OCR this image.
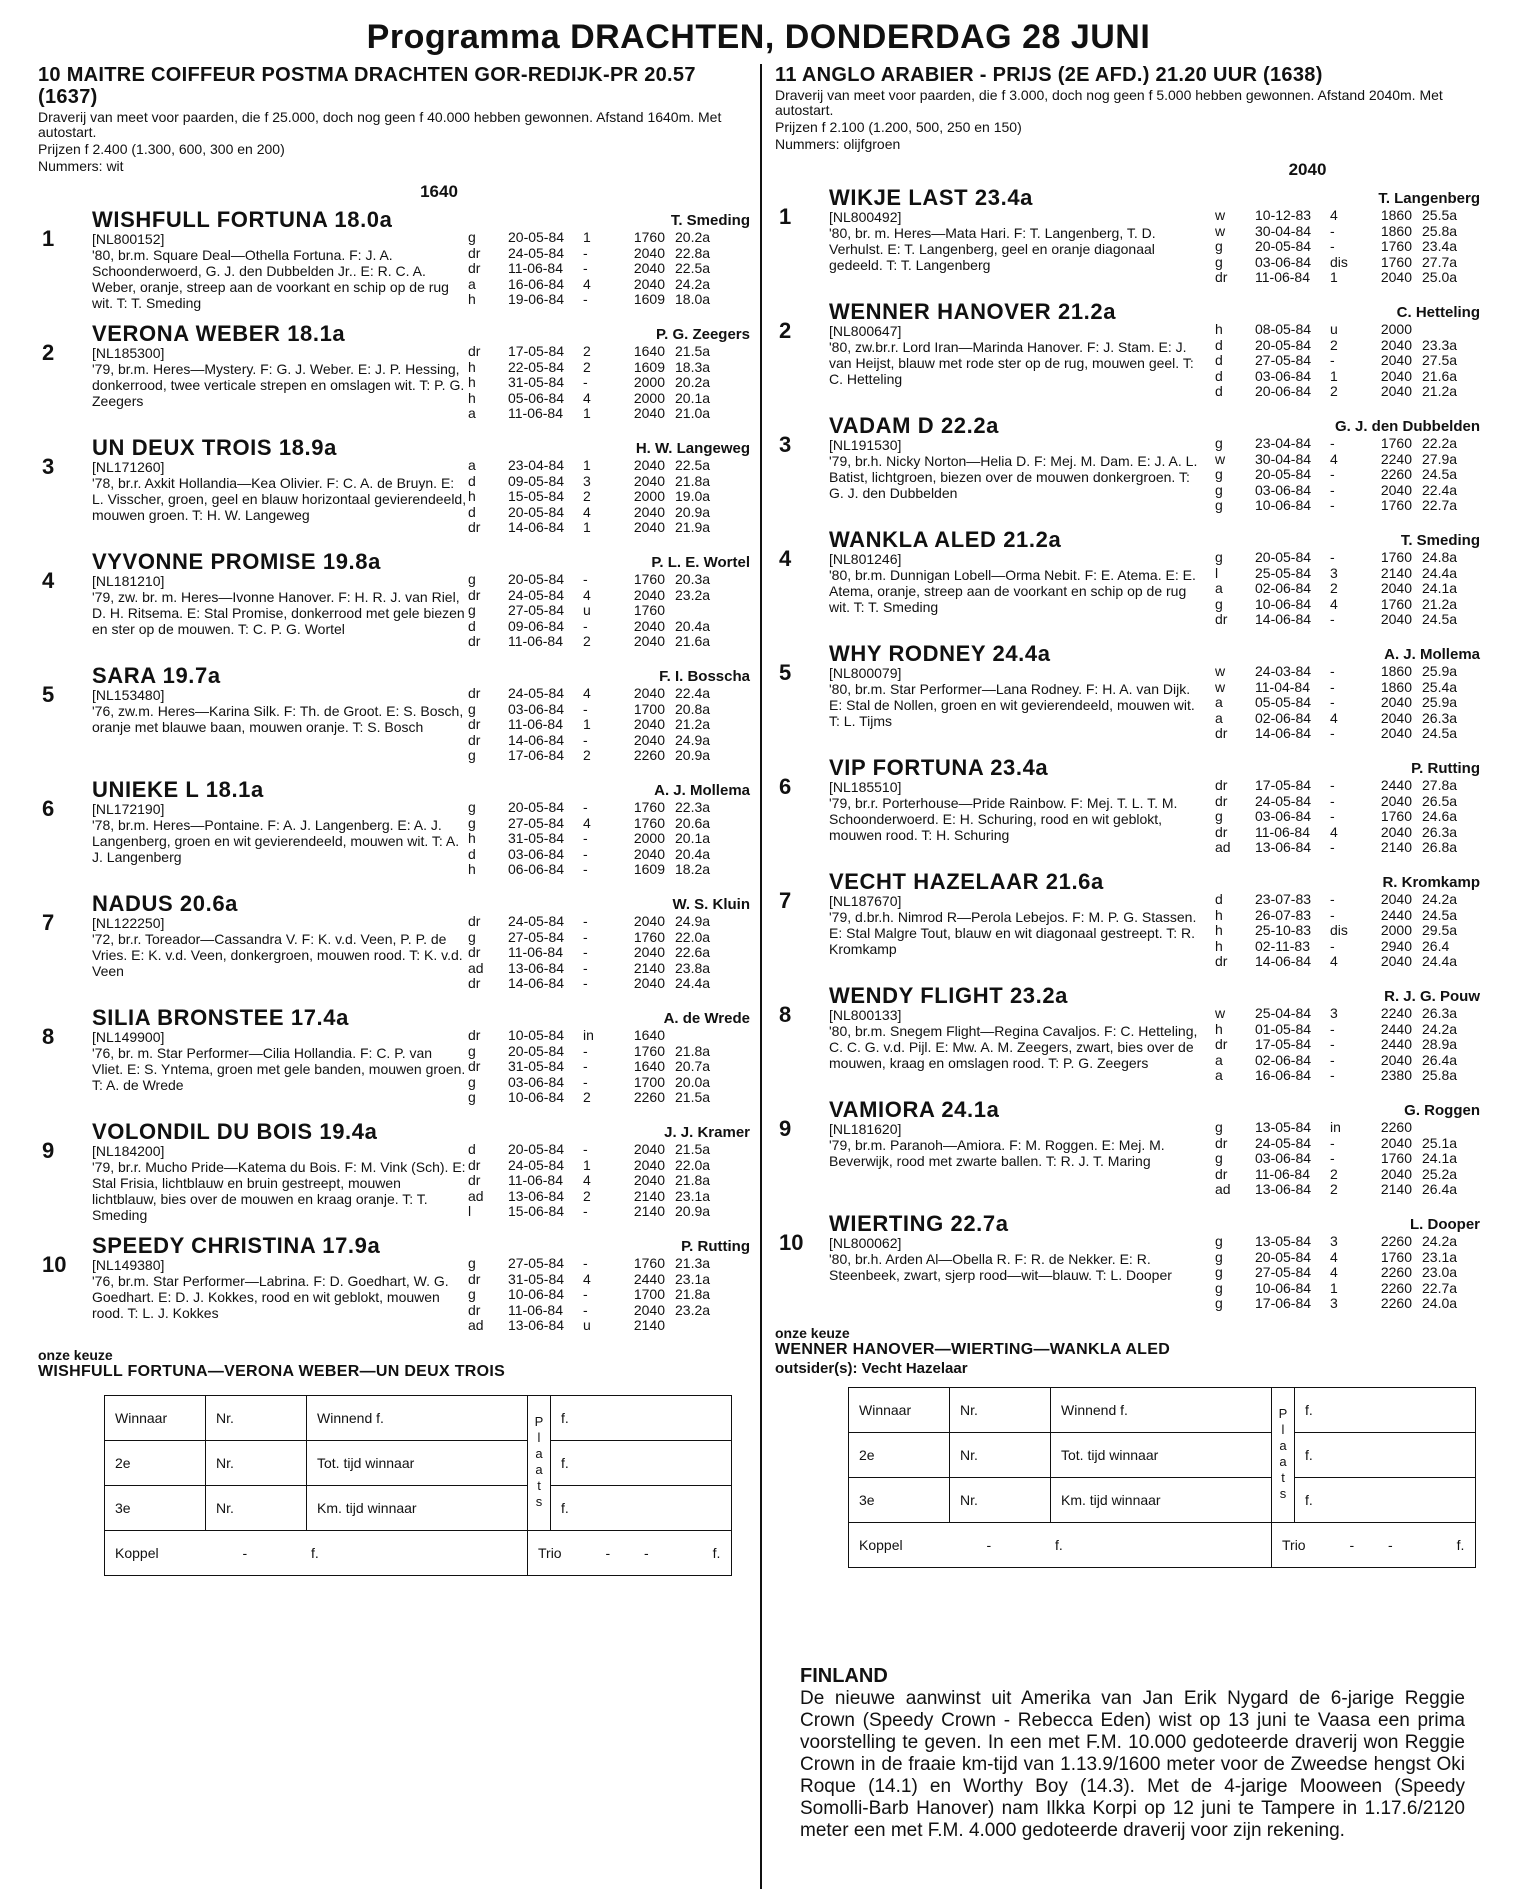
Programma DRACHTEN, DONDERDAG 28 JUNI
10 MAITRE COIFFEUR POSTMA DRACHTEN GOR-REDIJK-PR 20.57 (1637)
Draverij van meet voor paarden, die f 25.000, doch nog geen f 40.000 hebben gewonnen. Afstand 1640m. Met autostart.
Prijzen f 2.400 (1.300, 600, 300 en 200)
Nummers: wit
1640
1
WISHFULL FORTUNA 18.0a
[NL800152]
'80, br.m. Square Deal—Othella Fortuna. F: J. A. Schoonderwoerd, G. J. den Dubbelden Jr.. E: R. C. A. Weber, oranje, streep aan de voorkant en schip op de rug wit. T: T. Smeding
T. Smeding
g	20-05-84	1	1760 20.2a
dr	24-05-84	-	2040 22.8a
dr	11-06-84	-	2040 22.5a
a	16-06-84	4	2040 24.2a
h	19-06-84	-	1609 18.0a
2
VERONA WEBER 18.1a
[NL185300]
'79, br.m. Heres—Mystery. F: G. J. Weber. E: J. P. Hessing, donkerrood, twee verticale strepen en omslagen wit. T: P. G. Zeegers
P. G. Zeegers
dr	17-05-84	2	1640 21.5a
h	22-05-84	2	1609 18.3a
h	31-05-84	-	2000 20.2a
h	05-06-84	4	2000 20.1a
a	11-06-84	1	2040 21.0a
3
UN DEUX TROIS 18.9a
[NL171260]
'78, br.r. Axkit Hollandia—Kea Olivier. F: C. A. de Bruyn. E: L. Visscher, groen, geel en blauw horizontaal gevierendeeld, mouwen groen. T: H. W. Langeweg
H. W. Langeweg
a	23-04-84	1	2040 22.5a
d	09-05-84	3	2040 21.8a
h	15-05-84	2	2000 19.0a
d	20-05-84	4	2040 20.9a
dr	14-06-84	1	2040 21.9a
4
VYVONNE PROMISE 19.8a
[NL181210]
'79, zw. br. m. Heres—Ivonne Hanover. F: H. R. J. van Riel, D. H. Ritsema. E: Stal Promise, donkerrood met gele biezen en ster op de mouwen. T: C. P. G. Wortel
P. L. E. Wortel
g	20-05-84	-	1760 20.3a
dr	24-05-84	4	2040 23.2a
g	27-05-84	u	1760
d	09-06-84	-	2040 20.4a
dr	11-06-84	2	2040 21.6a
5
SARA 19.7a
[NL153480]
'76, zw.m. Heres—Karina Silk. F: Th. de Groot. E: S. Bosch, oranje met blauwe baan, mouwen oranje. T: S. Bosch
F. I. Bosscha
dr	24-05-84	4	2040 22.4a
g	03-06-84	-	1700 20.8a
dr	11-06-84	1	2040 21.2a
dr	14-06-84	-	2040 24.9a
g	17-06-84	2	2260 20.9a
6
UNIEKE L 18.1a
[NL172190]
'78, br.m. Heres—Pontaine. F: A. J. Langenberg. E: A. J. Langenberg, groen en wit gevierendeeld, mouwen wit. T: A. J. Langenberg
A. J. Mollema
g	20-05-84	-	1760 22.3a
g	27-05-84	4	1760 20.6a
h	31-05-84	-	2000 20.1a
d	03-06-84	-	2040 20.4a
h	06-06-84	-	1609 18.2a
7
NADUS 20.6a
[NL122250]
'72, br.r. Toreador—Cassandra V. F: K. v.d. Veen, P. P. de Vries. E: K. v.d. Veen, donkergroen, mouwen rood. T: K. v.d. Veen
W. S. Kluin
dr	24-05-84	-	2040 24.9a
g	27-05-84	-	1760 22.0a
dr	11-06-84	-	2040 22.6a
ad	13-06-84	-	2140 23.8a
dr	14-06-84	-	2040 24.4a
8
SILIA BRONSTEE 17.4a
[NL149900]
'76, br. m. Star Performer—Cilia Hollandia. F: C. P. van Vliet. E: S. Yntema, groen met gele banden, mouwen groen. T: A. de Wrede
A. de Wrede
dr	10-05-84	in	1640
g	20-05-84	-	1760 21.8a
dr	31-05-84	-	1640 20.7a
g	03-06-84	-	1700 20.0a
g	10-06-84	2	2260 21.5a
9
VOLONDIL DU BOIS 19.4a
[NL184200]
'79, br.r. Mucho Pride—Katema du Bois. F: M. Vink (Sch). E: Stal Frisia, lichtblauw en bruin gestreept, mouwen lichtblauw, bies over de mouwen en kraag oranje. T: T. Smeding
J. J. Kramer
d	20-05-84	-	2040 21.5a
dr	24-05-84	1	2040 22.0a
dr	11-06-84	4	2040 21.8a
ad	13-06-84	2	2140 23.1a
l	15-06-84	-	2140 20.9a
10
SPEEDY CHRISTINA 17.9a
[NL149380]
'76, br.m. Star Performer—Labrina. F: D. Goedhart, W. G. Goedhart. E: D. J. Kokkes, rood en wit geblokt, mouwen rood. T: L. J. Kokkes
P. Rutting
g	27-05-84	-	1760 21.3a
dr	31-05-84	4	2440 23.1a
g	10-06-84	-	1700 21.8a
dr	11-06-84	-	2040 23.2a
ad	13-06-84	u	2140
onze keuze
WISHFULL FORTUNA—VERONA WEBER—UN DEUX TROIS
Winnaar	Nr.	Winnend f.	Plaats	f.
2e	Nr.	Tot. tijd winnaar		f.
3e	Nr.	Km. tijd winnaar		f.
Koppel - f.			Trio - - f.	
11 ANGLO ARABIER - PRIJS (2E AFD.) 21.20 UUR (1638)
Draverij van meet voor paarden, die f 3.000, doch nog geen f 5.000 hebben gewonnen. Afstand 2040m. Met autostart.
Prijzen f 2.100 (1.200, 500, 250 en 150)
Nummers: olijfgroen
2040
1
WIKJE LAST 23.4a
[NL800492]
'80, br. m. Heres—Mata Hari. F: T. Langenberg, T. D. Verhulst. E: T. Langenberg, geel en oranje diagonaal gedeeld. T: T. Langenberg
T. Langenberg
w	10-12-83	4	1860 25.5a
w	30-04-84	-	1860 25.8a
g	20-05-84	-	1760 23.4a
g	03-06-84	dis	1760 27.7a
dr	11-06-84	1	2040 25.0a
2
WENNER HANOVER 21.2a
[NL800647]
'80, zw.br.r. Lord Iran—Marinda Hanover. F: J. Stam. E: J. van Heijst, blauw met rode ster op de rug, mouwen geel. T: C. Hetteling
C. Hetteling
h	08-05-84	u	2000
d	20-05-84	2	2040 23.3a
d	27-05-84	-	2040 27.5a
d	03-06-84	1	2040 21.6a
d	20-06-84	2	2040 21.2a
3
VADAM D 22.2a
[NL191530]
'79, br.h. Nicky Norton—Helia D. F: Mej. M. Dam. E: J. A. L. Batist, lichtgroen, biezen over de mouwen donkergroen. T: G. J. den Dubbelden
G. J. den Dubbelden
g	23-04-84	-	1760 22.2a
w	30-04-84	4	2240 27.9a
g	20-05-84	-	2260 24.5a
g	03-06-84	-	2040 22.4a
g	10-06-84	-	1760 22.7a
4
WANKLA ALED 21.2a
[NL801246]
'80, br.m. Dunnigan Lobell—Orma Nebit. F: E. Atema. E: E. Atema, oranje, streep aan de voorkant en schip op de rug wit. T: T. Smeding
T. Smeding
g	20-05-84	-	1760 24.8a
l	25-05-84	3	2140 24.4a
a	02-06-84	2	2040 24.1a
g	10-06-84	4	1760 21.2a
dr	14-06-84	-	2040 24.5a
5
WHY RODNEY 24.4a
[NL800079]
'80, br.m. Star Performer—Lana Rodney. F: H. A. van Dijk. E: Stal de Nollen, groen en wit gevierendeeld, mouwen wit. T: L. Tijms
A. J. Mollema
w	24-03-84	-	1860 25.9a
w	11-04-84	-	1860 25.4a
a	05-05-84	-	2040 25.9a
a	02-06-84	4	2040 26.3a
dr	14-06-84	-	2040 24.5a
6
VIP FORTUNA 23.4a
[NL185510]
'79, br.r. Porterhouse—Pride Rainbow. F: Mej. T. L. T. M. Schoonderwoerd. E: H. Schuring, rood en wit geblokt, mouwen rood. T: H. Schuring
P. Rutting
dr	17-05-84	-	2440 27.8a
dr	24-05-84	-	2040 26.5a
g	03-06-84	-	1760 24.6a
dr	11-06-84	4	2040 26.3a
ad	13-06-84	-	2140 26.8a
7
VECHT HAZELAAR 21.6a
[NL187670]
'79, d.br.h. Nimrod R—Perola Lebejos. F: M. P. G. Stassen. E: Stal Malgre Tout, blauw en wit diagonaal gestreept. T: R. Kromkamp
R. Kromkamp
d	23-07-83	-	2040 24.2a
h	26-07-83	-	2440 24.5a
h	25-10-83	dis	2000 29.5a
h	02-11-83	-	2940 26.4
dr	14-06-84	4	2040 24.4a
8
WENDY FLIGHT 23.2a
[NL800133]
'80, br.m. Snegem Flight—Regina Cavaljos. F: C. Hetteling, C. C. G. v.d. Pijl. E: Mw. A. M. Zeegers, zwart, bies over de mouwen, kraag en omslagen rood. T: P. G. Zeegers
R. J. G. Pouw
w	25-04-84	3	2240 26.3a
h	01-05-84	-	2440 24.2a
dr	17-05-84	-	2440 28.9a
a	02-06-84	-	2040 26.4a
a	16-06-84	-	2380 25.8a
9
VAMIORA 24.1a
[NL181620]
'79, br.m. Paranoh—Amiora. F: M. Roggen. E: Mej. M. Beverwijk, rood met zwarte ballen. T: R. J. T. Maring
G. Roggen
g	13-05-84	in	2260
dr	24-05-84	-	2040 25.1a
g	03-06-84	-	1760 24.1a
dr	11-06-84	2	2040 25.2a
ad	13-06-84	2	2140 26.4a
10
WIERTING 22.7a
[NL800062]
'80, br.h. Arden Al—Obella R. F: R. de Nekker. E: R. Steenbeek, zwart, sjerp rood—wit—blauw. T: L. Dooper
L. Dooper
g	13-05-84	3	2260 24.2a
g	20-05-84	4	1760 23.1a
g	27-05-84	4	2260 23.0a
g	10-06-84	1	2260 22.7a
g	17-06-84	3	2260 24.0a
onze keuze
WENNER HANOVER—WIERTING—WANKLA ALED
outsider(s): Vecht Hazelaar
Winnaar	Nr.	Winnend f.	Plaats	f.
2e	Nr.	Tot. tijd winnaar		f.
3e	Nr.	Km. tijd winnaar		f.
Koppel - f.			Trio - - f.	
FINLAND
De nieuwe aanwinst uit Amerika van Jan Erik Nygard de 6-jarige Reggie Crown (Speedy Crown - Rebecca Eden) wist op 13 juni te Vaasa een prima voorstelling te geven. In een met F.M. 10.000 gedoteerde draverij won Reggie Crown in de fraaie km-tijd van 1.13.9/1600 meter voor de Zweedse hengst Oki Roque (14.1) en Worthy Boy (14.3). Met de 4-jarige Mooween (Speedy Somolli-Barb Hanover) nam Ilkka Korpi op 12 juni te Tampere in 1.17.6/2120 meter een met F.M. 4.000 gedoteerde draverij voor zijn rekening.
